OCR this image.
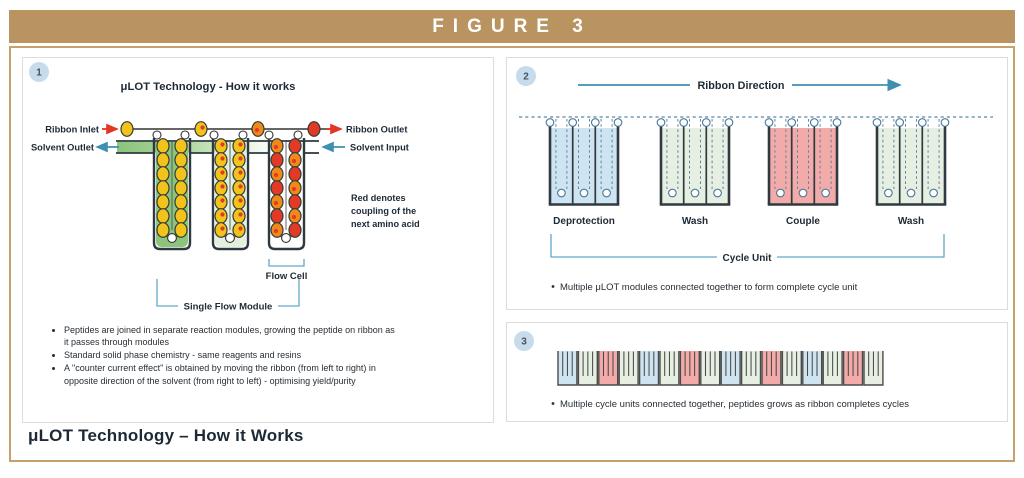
FIGURE 3
1
μLOT Technology - How it works
Ribbon Inlet
Solvent Outlet
Ribbon Outlet
Solvent Input
Red denotes
coupling of the
next amino acid
Flow Cell
Single Flow Module
• Peptides are joined in separate reaction modules, growing the peptide on ribbon as it passes through modules
• Standard solid phase chemistry - same reagents and resins
• A "counter current effect" is obtained by moving the ribbon (from left to right) in opposite direction of the solvent (from right to left) - optimising yield/purity
2
Ribbon Direction
Deprotection	Wash	Couple	Wash
Cycle Unit
Multiple μLOT modules connected together to form complete cycle unit
3
Multiple cycle units connected together, peptides grows as ribbon completes cycles
μLOT Technology – How it Works
